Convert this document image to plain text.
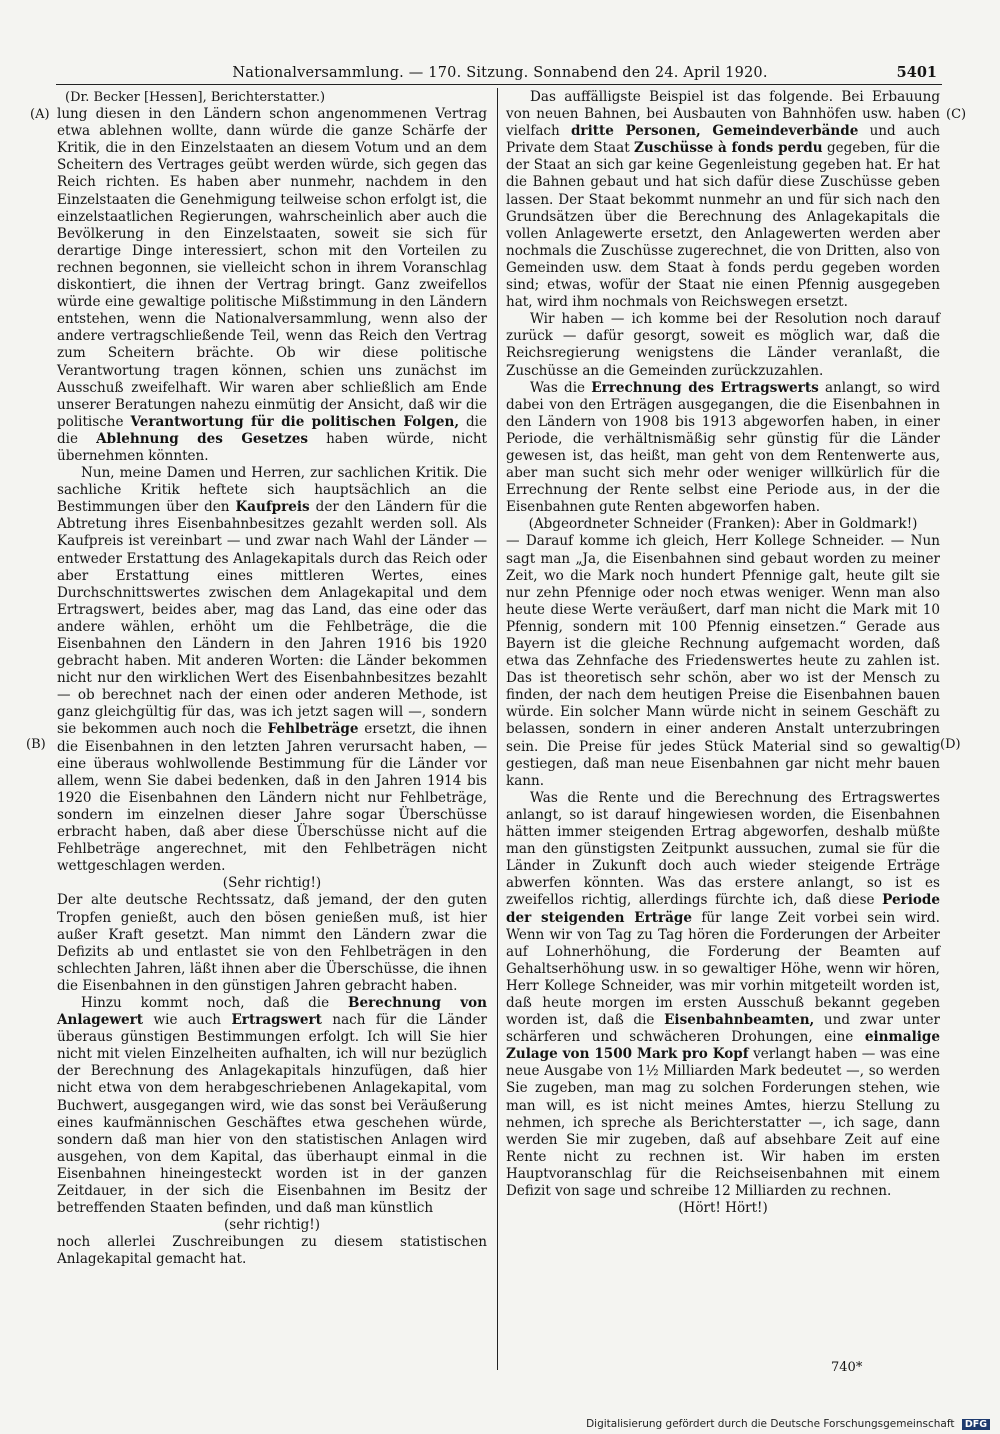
Nationalversammlung. — 170. Sitzung. Sonnabend den 24. April 1920.	5401
(A)
(B)
(C)
(D)

(Dr. Becker [Hessen], Berichterstatter.)

lung diesen in den Ländern schon angenommenen Vertrag etwa ablehnen wollte, dann würde die ganze Schärfe der Kritik, die in den Einzelstaaten an diesem Votum und an dem Scheitern des Vertrages geübt werden würde, sich gegen das Reich richten. Es haben aber nunmehr, nachdem in den Einzelstaaten die Genehmigung teilweise schon erfolgt ist, die einzelstaatlichen Regierungen, wahrscheinlich aber auch die Bevölkerung in den Einzelstaaten, soweit sie sich für derartige Dinge interessiert, schon mit den Vorteilen zu rechnen begonnen, sie vielleicht schon in ihrem Voranschlag diskontiert, die ihnen der Vertrag bringt. Ganz zweifellos würde eine gewaltige politische Mißstimmung in den Ländern entstehen, wenn die Nationalversammlung, wenn also der andere vertragschließende Teil, wenn das Reich den Vertrag zum Scheitern brächte. Ob wir diese politische Verantwortung tragen können, schien uns zunächst im Ausschuß zweifelhaft. Wir waren aber schließlich am Ende unserer Beratungen nahezu einmütig der Ansicht, daß wir die politische Verantwortung für die politischen Folgen, die die Ablehnung des Gesetzes haben würde, nicht übernehmen könnten.

Nun, meine Damen und Herren, zur sachlichen Kritik. Die sachliche Kritik heftete sich hauptsächlich an die Bestimmungen über den Kaufpreis der den Ländern für die Abtretung ihres Eisenbahnbesitzes gezahlt werden soll. Als Kaufpreis ist vereinbart — und zwar nach Wahl der Länder — entweder Erstattung des Anlagekapitals durch das Reich oder aber Erstattung eines mittleren Wertes, eines Durchschnittswertes zwischen dem Anlagekapital und dem Ertragswert, beides aber, mag das Land, das eine oder das andere wählen, erhöht um die Fehlbeträge, die die Eisenbahnen den Ländern in den Jahren 1916 bis 1920 gebracht haben. Mit anderen Worten: die Länder bekommen nicht nur den wirklichen Wert des Eisenbahnbesitzes bezahlt — ob berechnet nach der einen oder anderen Methode, ist ganz gleichgültig für das, was ich jetzt sagen will —, sondern sie bekommen auch noch die Fehlbeträge ersetzt, die ihnen die Eisenbahnen in den letzten Jahren verursacht haben, — eine überaus wohlwollende Bestimmung für die Länder vor allem, wenn Sie dabei bedenken, daß in den Jahren 1914 bis 1920 die Eisenbahnen den Ländern nicht nur Fehlbeträge, sondern im einzelnen dieser Jahre sogar Überschüsse erbracht haben, daß aber diese Überschüsse nicht auf die Fehlbeträge angerechnet, mit den Fehlbeträgen nicht wettgeschlagen werden.

(Sehr richtig!)

Der alte deutsche Rechtssatz, daß jemand, der den guten Tropfen genießt, auch den bösen genießen muß, ist hier außer Kraft gesetzt. Man nimmt den Ländern zwar die Defizits ab und entlastet sie von den Fehlbeträgen in den schlechten Jahren, läßt ihnen aber die Überschüsse, die ihnen die Eisenbahnen in den günstigen Jahren gebracht haben.

Hinzu kommt noch, daß die Berechnung von Anlagewert wie auch Ertragswert nach für die Länder überaus günstigen Bestimmungen erfolgt. Ich will Sie hier nicht mit vielen Einzelheiten aufhalten, ich will nur bezüglich der Berechnung des Anlagekapitals hinzufügen, daß hier nicht etwa von dem herabgeschriebenen Anlagekapital, vom Buchwert, ausgegangen wird, wie das sonst bei Veräußerung eines kaufmännischen Geschäftes etwa geschehen würde, sondern daß man hier von den statistischen Anlagen wird ausgehen, von dem Kapital, das überhaupt einmal in die Eisenbahnen hineingesteckt worden ist in der ganzen Zeitdauer, in der sich die Eisenbahnen im Besitz der betreffenden Staaten befinden, und daß man künstlich

(sehr richtig!)

noch allerlei Zuschreibungen zu diesem statistischen Anlagekapital gemacht hat.

Das auffälligste Beispiel ist das folgende. Bei Erbauung von neuen Bahnen, bei Ausbauten von Bahnhöfen usw. haben vielfach dritte Personen, Gemeindeverbände und auch Private dem Staat Zuschüsse à fonds perdu gegeben, für die der Staat an sich gar keine Gegenleistung gegeben hat. Er hat die Bahnen gebaut und hat sich dafür diese Zuschüsse geben lassen. Der Staat bekommt nunmehr an und für sich nach den Grundsätzen über die Berechnung des Anlagekapitals die vollen Anlagewerte ersetzt, den Anlagewerten werden aber nochmals die Zuschüsse zugerechnet, die von Dritten, also von Gemeinden usw. dem Staat à fonds perdu gegeben worden sind; etwas, wofür der Staat nie einen Pfennig ausgegeben hat, wird ihm nochmals von Reichswegen ersetzt.

Wir haben — ich komme bei der Resolution noch darauf zurück — dafür gesorgt, soweit es möglich war, daß die Reichsregierung wenigstens die Länder veranlaßt, die Zuschüsse an die Gemeinden zurückzuzahlen.

Was die Errechnung des Ertragswerts anlangt, so wird dabei von den Erträgen ausgegangen, die die Eisenbahnen in den Ländern von 1908 bis 1913 abgeworfen haben, in einer Periode, die verhältnismäßig sehr günstig für die Länder gewesen ist, das heißt, man geht von dem Rentenwerte aus, aber man sucht sich mehr oder weniger willkürlich für die Errechnung der Rente selbst eine Periode aus, in der die Eisenbahnen gute Renten abgeworfen haben.

(Abgeordneter Schneider (Franken): Aber in Goldmark!)

— Darauf komme ich gleich, Herr Kollege Schneider. — Nun sagt man „Ja, die Eisenbahnen sind gebaut worden zu meiner Zeit, wo die Mark noch hundert Pfennige galt, heute gilt sie nur zehn Pfennige oder noch etwas weniger. Wenn man also heute diese Werte veräußert, darf man nicht die Mark mit 10 Pfennig, sondern mit 100 Pfennig einsetzen.“ Gerade aus Bayern ist die gleiche Rechnung aufgemacht worden, daß etwa das Zehnfache des Friedenswertes heute zu zahlen ist. Das ist theoretisch sehr schön, aber wo ist der Mensch zu finden, der nach dem heutigen Preise die Eisenbahnen bauen würde. Ein solcher Mann würde nicht in seinem Geschäft zu belassen, sondern in einer anderen Anstalt unterzubringen sein. Die Preise für jedes Stück Material sind so gewaltig gestiegen, daß man neue Eisenbahnen gar nicht mehr bauen kann.

Was die Rente und die Berechnung des Ertragswertes anlangt, so ist darauf hingewiesen worden, die Eisenbahnen hätten immer steigenden Ertrag abgeworfen, deshalb müßte man den günstigsten Zeitpunkt aussuchen, zumal sie für die Länder in Zukunft doch auch wieder steigende Erträge abwerfen könnten. Was das erstere anlangt, so ist es zweifellos richtig, allerdings fürchte ich, daß diese Periode der steigenden Erträge für lange Zeit vorbei sein wird. Wenn wir von Tag zu Tag hören die Forderungen der Arbeiter auf Lohnerhöhung, die Forderung der Beamten auf Gehaltserhöhung usw. in so gewaltiger Höhe, wenn wir hören, Herr Kollege Schneider, was mir vorhin mitgeteilt worden ist, daß heute morgen im ersten Ausschuß bekannt gegeben worden ist, daß die Eisenbahnbeamten, und zwar unter schärferen und schwächeren Drohungen, eine einmalige Zulage von 1500 Mark pro Kopf verlangt haben — was eine neue Ausgabe von 1½ Milliarden Mark bedeutet —, so werden Sie zugeben, man mag zu solchen Forderungen stehen, wie man will, es ist nicht meines Amtes, hierzu Stellung zu nehmen, ich spreche als Berichterstatter —, ich sage, dann werden Sie mir zugeben, daß auf absehbare Zeit auf eine Rente nicht zu rechnen ist. Wir haben im ersten Hauptvoranschlag für die Reichseisenbahnen mit einem Defizit von sage und schreibe 12 Milliarden zu rechnen.

(Hört! Hört!)

740*
Digitalisierung gefördert durch die Deutsche Forschungsgemeinschaft DFG
